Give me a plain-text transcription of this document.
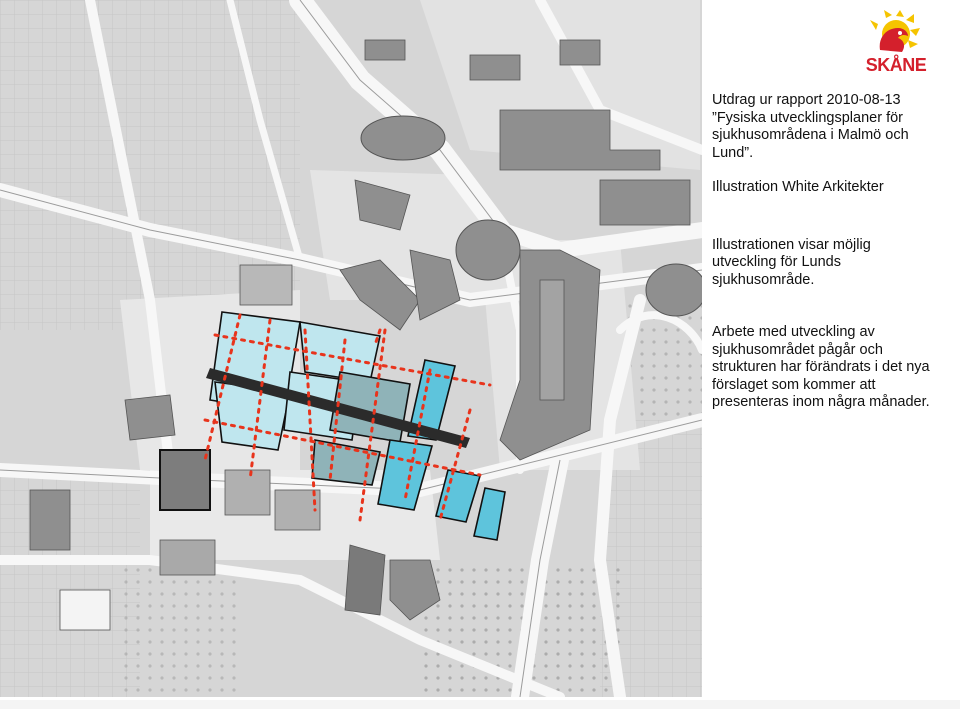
SKÅNE

Utdrag ur rapport 2010-08-13

”Fysiska utvecklingsplaner för

sjukhusområdena i Malmö och

Lund”.

Illustration White Arkitekter

Illustrationen visar möjlig

utveckling för Lunds

sjukhusområde.

Arbete med utveckling av

sjukhusområdet pågår och

strukturen har förändrats i det nya

förslaget som kommer att

presenteras inom några månader.
